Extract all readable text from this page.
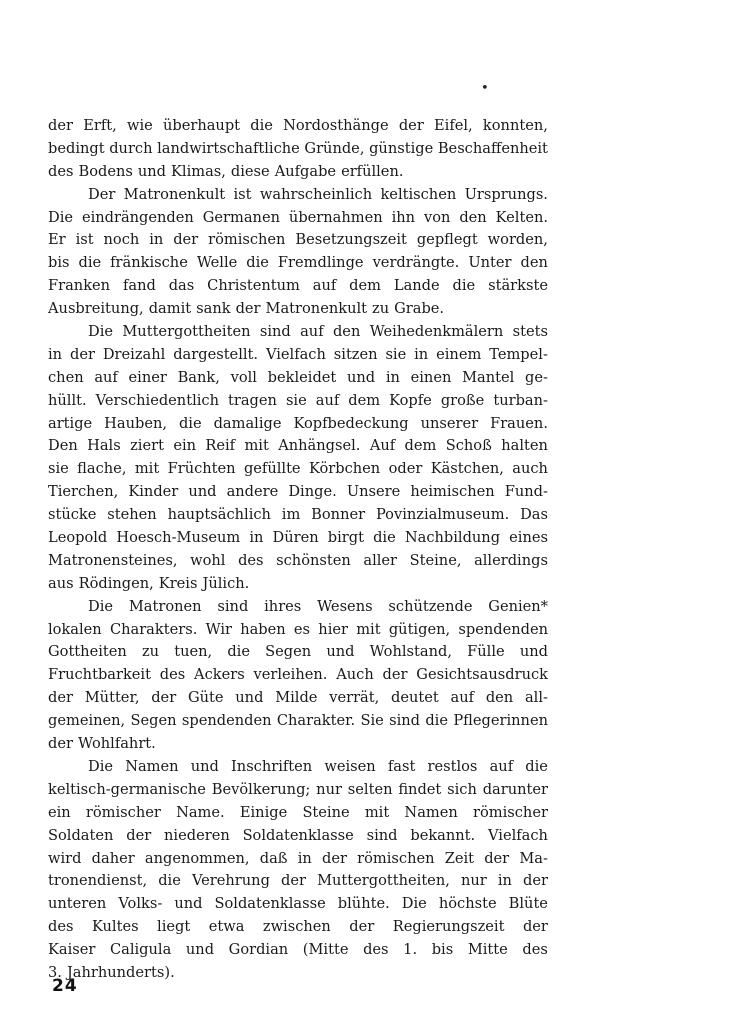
•
der Erft, wie überhaupt die Nordosthänge der Eifel, konnten,
bedingt durch landwirtschaftliche Gründe, günstige Beschaffenheit
des Bodens und Klimas, diese Aufgabe erfüllen.
Der Matronenkult ist wahrscheinlich keltischen Ursprungs.
Die eindrängenden Germanen übernahmen ihn von den Kelten.
Er ist noch in der römischen Besetzungszeit gepflegt worden,
bis die fränkische Welle die Fremdlinge verdrängte. Unter den
Franken fand das Christentum auf dem Lande die stärkste
Ausbreitung, damit sank der Matronenkult zu Grabe.
Die Muttergottheiten sind auf den Weihedenkmälern stets
in der Dreizahl dargestellt. Vielfach sitzen sie in einem Tempel-
chen auf einer Bank, voll bekleidet und in einen Mantel ge-
hüllt. Verschiedentlich tragen sie auf dem Kopfe große turban-
artige Hauben, die damalige Kopfbedeckung unserer Frauen.
Den Hals ziert ein Reif mit Anhängsel. Auf dem Schoß halten
sie flache, mit Früchten gefüllte Körbchen oder Kästchen, auch
Tierchen, Kinder und andere Dinge. Unsere heimischen Fund-
stücke stehen hauptsächlich im Bonner Povinzialmuseum. Das
Leopold Hoesch-Museum in Düren birgt die Nachbildung eines
Matronensteines, wohl des schönsten aller Steine, allerdings
aus Rödingen, Kreis Jülich.
Die Matronen sind ihres Wesens schützende Genien*
lokalen Charakters. Wir haben es hier mit gütigen, spendenden
Gottheiten zu tuen, die Segen und Wohlstand, Fülle und
Fruchtbarkeit des Ackers verleihen. Auch der Gesichtsausdruck
der Mütter, der Güte und Milde verrät, deutet auf den all-
gemeinen, Segen spendenden Charakter. Sie sind die Pflegerinnen
der Wohlfahrt.
Die Namen und Inschriften weisen fast restlos auf die
keltisch-germanische Bevölkerung; nur selten findet sich darunter
ein römischer Name. Einige Steine mit Namen römischer
Soldaten der niederen Soldatenklasse sind bekannt. Vielfach
wird daher angenommen, daß in der römischen Zeit der Ma-
tronendienst, die Verehrung der Muttergottheiten, nur in der
unteren Volks- und Soldatenklasse blühte. Die höchste Blüte
des Kultes liegt etwa zwischen der Regierungszeit der
Kaiser Caligula und Gordian (Mitte des 1. bis Mitte des
3. Jahrhunderts).
24
